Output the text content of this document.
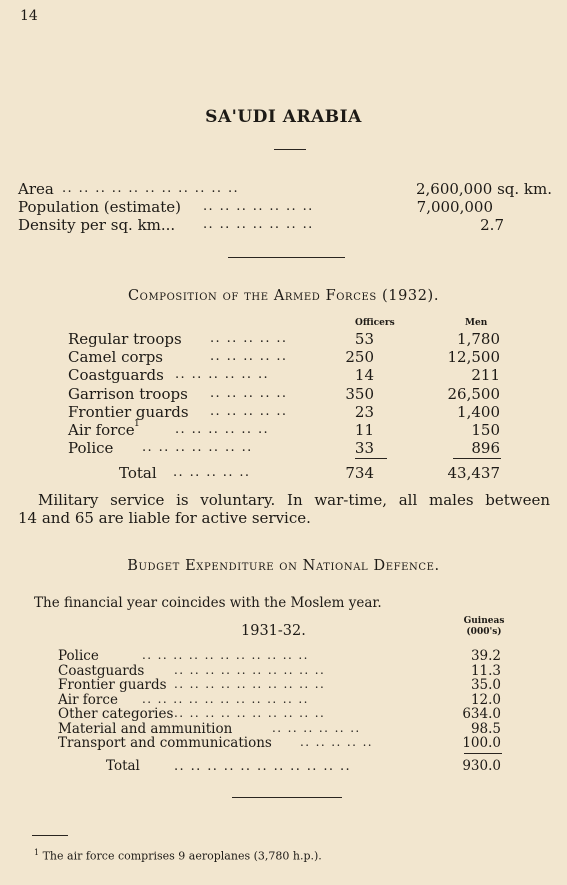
14
SA'UDI ARABIA
Area .. .. .. .. .. .. .. .. .. .. ..	2,600,000 sq. km.
Population (estimate) .. .. .. .. .. .. ..	7,000,000
Density per sq. km... .. .. .. .. .. .. ..	2.7
Composition of the Armed Forces (1932).
Officers	Men
Regular troops .. .. .. .. ..	53	1,780
Camel corps	.. .. .. .. ..	250	12,500
Coastguards .. .. .. .. .. ..	14	211
Garrison troops .. .. .. .. ..	350	26,500
Frontier guards .. .. .. .. ..	23	1,400
Air force 1	.. .. .. .. .. ..	11	150
Police .. .. .. .. .. .. ..	33	896
Total .. .. .. .. ..	734	43,437
Military service is voluntary. In war-time, all males between
14 and 65 are liable for active service.
Budget Expenditure on National Defence.
The financial year coincides with the Moslem year.
1931-32.
Guineas
(000's)
Police	.. .. .. .. .. .. .. .. .. .. ..	39.2
Coastguards .. .. .. .. .. .. .. .. .. ..	11.3
Frontier guards .. .. .. .. .. .. .. .. .. ..	35.0
Air force .. .. .. .. .. .. .. .. .. .. ..	12.0
Other categories .. .. .. .. .. .. .. .. .. ..	634.0
Material and ammunition	.. .. .. .. .. ..	98.5
Transport and communications .. .. .. .. ..	100.0
Total	.. .. .. .. .. .. .. .. .. .. ..	930.0
$^1$ The air force comprises 9 aeroplanes (3,780 h.p.).
